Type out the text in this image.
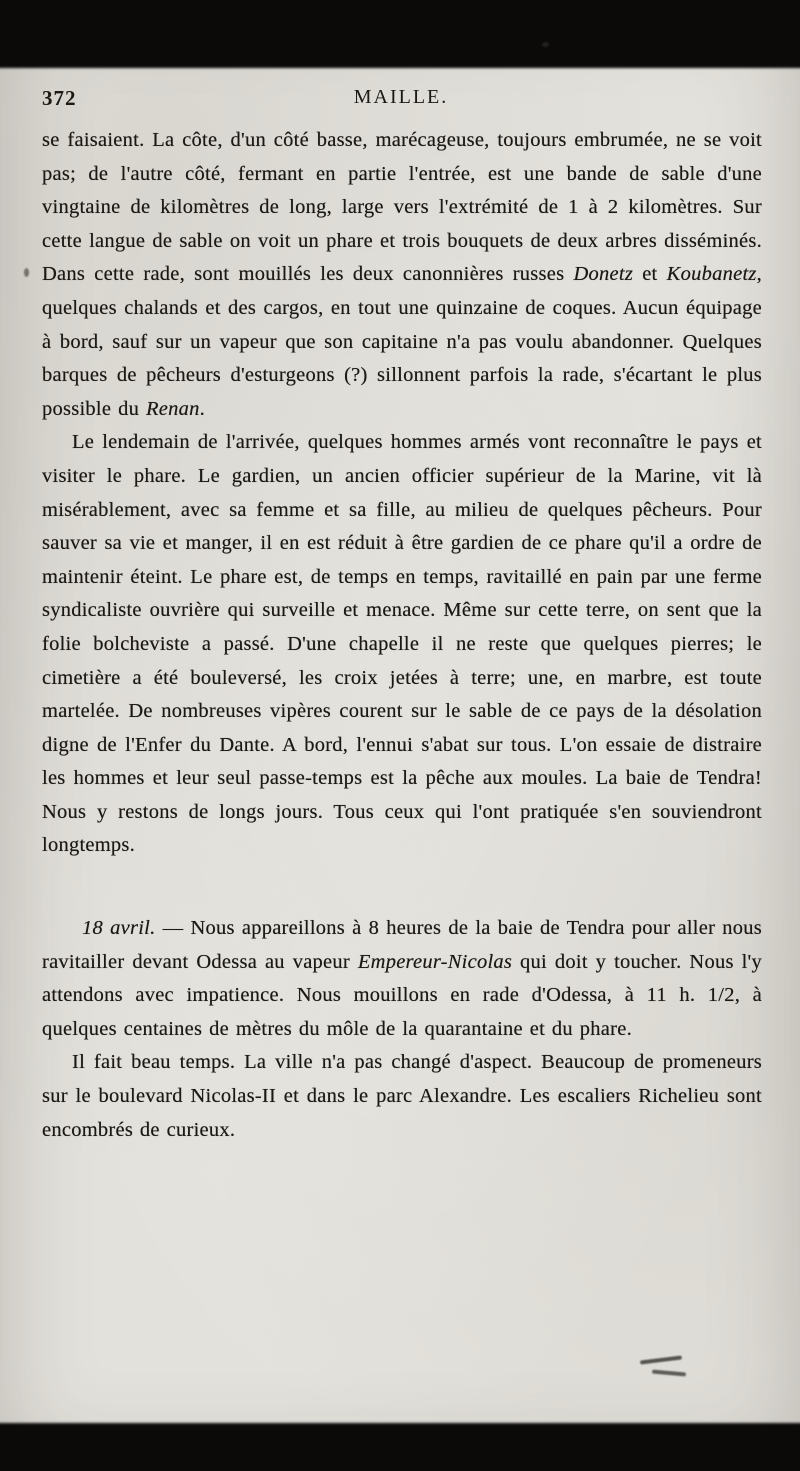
372	MAILLE.

se faisaient. La côte, d'un côté basse, marécageuse, toujours embrumée, ne se voit pas; de l'autre côté, fermant en partie l'entrée, est une bande de sable d'une vingtaine de kilomètres de long, large vers l'extrémité de 1 à 2 kilomètres. Sur cette langue de sable on voit un phare et trois bouquets de deux arbres disséminés. Dans cette rade, sont mouillés les deux canonnières russes Donetz et Koubanetz, quelques chalands et des cargos, en tout une quinzaine de coques. Aucun équipage à bord, sauf sur un vapeur que son capitaine n'a pas voulu abandonner. Quelques barques de pêcheurs d'esturgeons (?) sillonnent parfois la rade, s'écartant le plus possible du Renan.

Le lendemain de l'arrivée, quelques hommes armés vont reconnaître le pays et visiter le phare. Le gardien, un ancien officier supérieur de la Marine, vit là misérablement, avec sa femme et sa fille, au milieu de quelques pêcheurs. Pour sauver sa vie et manger, il en est réduit à être gardien de ce phare qu'il a ordre de maintenir éteint. Le phare est, de temps en temps, ravitaillé en pain par une ferme syndicaliste ouvrière qui surveille et menace. Même sur cette terre, on sent que la folie bolcheviste a passé. D'une chapelle il ne reste que quelques pierres; le cimetière a été bouleversé, les croix jetées à terre; une, en marbre, est toute martelée. De nombreuses vipères courent sur le sable de ce pays de la désolation digne de l'Enfer du Dante. A bord, l'ennui s'abat sur tous. L'on essaie de distraire les hommes et leur seul passe-temps est la pêche aux moules. La baie de Tendra! Nous y restons de longs jours. Tous ceux qui l'ont pratiquée s'en souviendront longtemps.

18 avril. — Nous appareillons à 8 heures de la baie de Tendra pour aller nous ravitailler devant Odessa au vapeur Empereur-Nicolas qui doit y toucher. Nous l'y attendons avec impatience. Nous mouillons en rade d'Odessa, à 11 h. 1/2, à quelques centaines de mètres du môle de la quarantaine et du phare.

Il fait beau temps. La ville n'a pas changé d'aspect. Beaucoup de promeneurs sur le boulevard Nicolas-II et dans le parc Alexandre. Les escaliers Richelieu sont encombrés de curieux.
